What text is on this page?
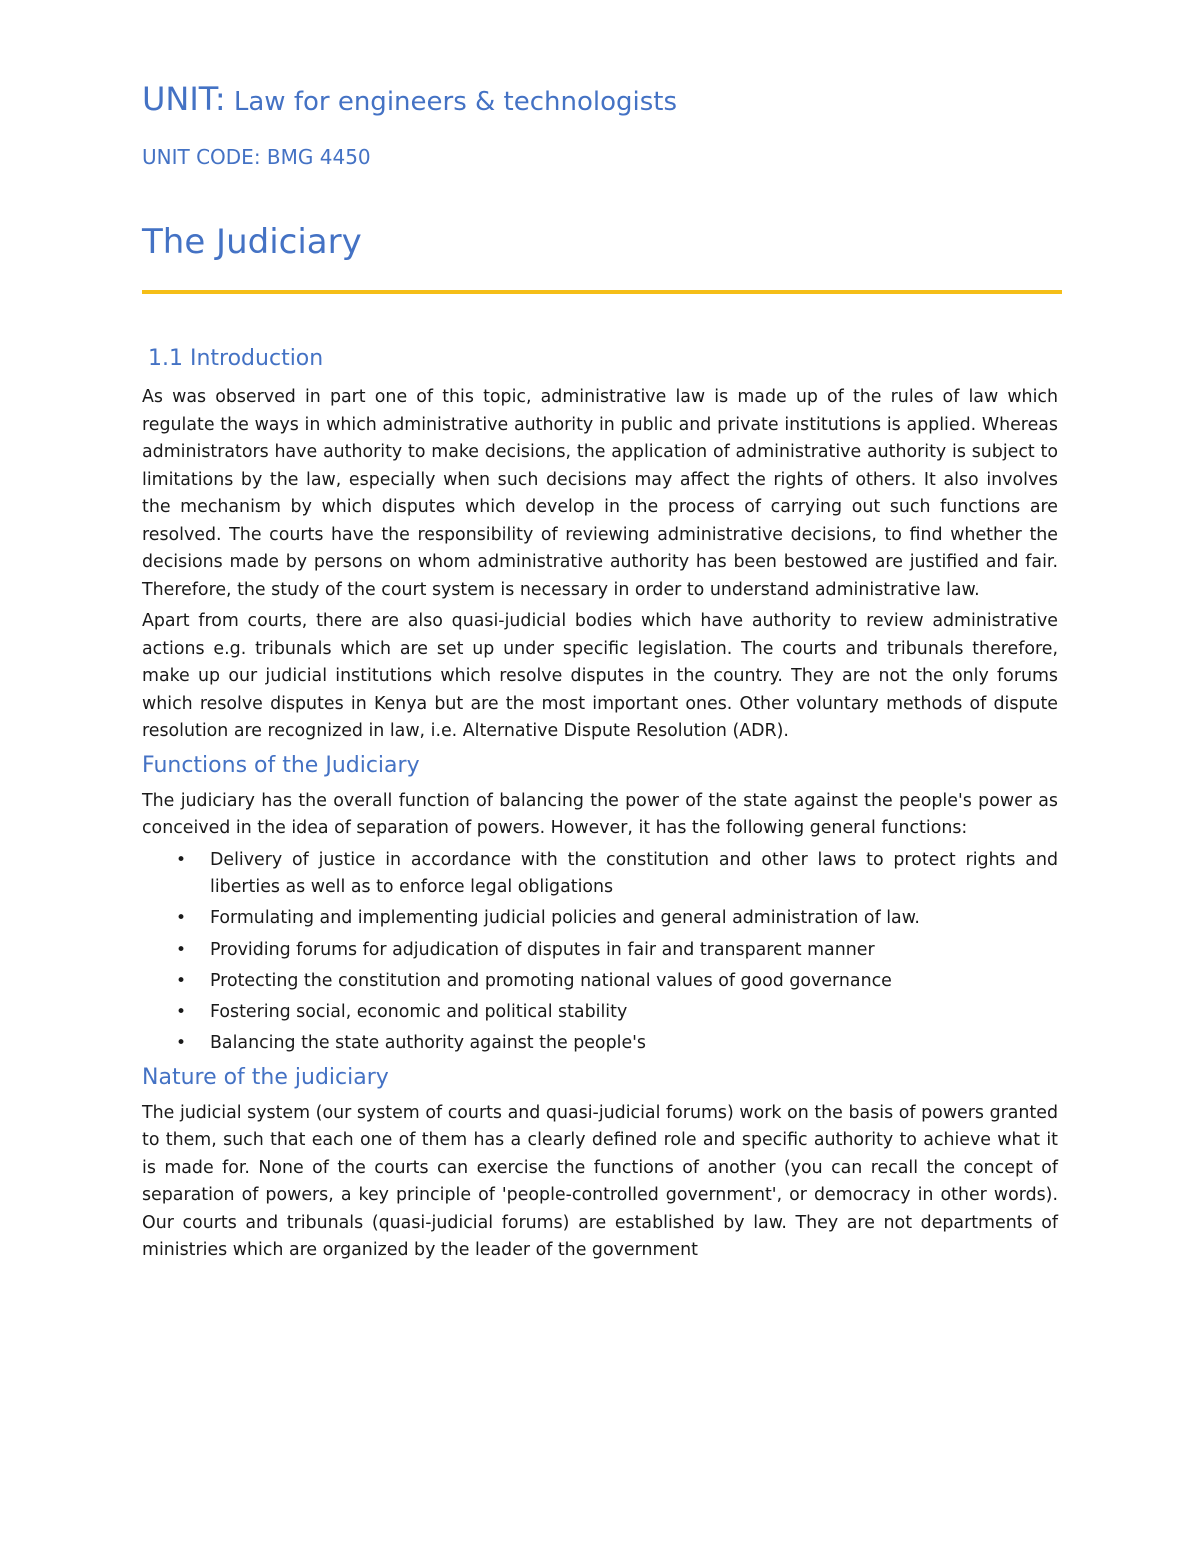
UNIT: Law for engineers & technologists
UNIT CODE: BMG 4450
The Judiciary
1.1 Introduction

As was observed in part one of this topic, administrative law is made up of the rules of law which regulate the ways in which administrative authority in public and private institutions is applied. Whereas administrators have authority to make decisions, the application of administrative authority is subject to limitations by the law, especially when such decisions may affect the rights of others. It also involves the mechanism by which disputes which develop in the process of carrying out such functions are resolved. The courts have the responsibility of reviewing administrative decisions, to find whether the decisions made by persons on whom administrative authority has been bestowed are justified and fair. Therefore, the study of the court system is necessary in order to understand administrative law.

Apart from courts, there are also quasi-judicial bodies which have authority to review administrative actions e.g. tribunals which are set up under specific legislation. The courts and tribunals therefore, make up our judicial institutions which resolve disputes in the country. They are not the only forums which resolve disputes in Kenya but are the most important ones. Other voluntary methods of dispute resolution are recognized in law, i.e. Alternative Dispute Resolution (ADR).

Functions of the Judiciary

The judiciary has the overall function of balancing the power of the state against the people's power as conceived in the idea of separation of powers. However, it has the following general functions:

• Delivery of justice in accordance with the constitution and other laws to protect rights and liberties as well as to enforce legal obligations
• Formulating and implementing judicial policies and general administration of law.
• Providing forums for adjudication of disputes in fair and transparent manner
• Protecting the constitution and promoting national values of good governance
• Fostering social, economic and political stability
• Balancing the state authority against the people's
Nature of the judiciary

The judicial system (our system of courts and quasi-judicial forums) work on the basis of powers granted to them, such that each one of them has a clearly defined role and specific authority to achieve what it is made for. None of the courts can exercise the functions of another (you can recall the concept of separation of powers, a key principle of 'people-controlled government', or democracy in other words). Our courts and tribunals (quasi-judicial forums) are established by law. They are not departments of ministries which are organized by the leader of the government
